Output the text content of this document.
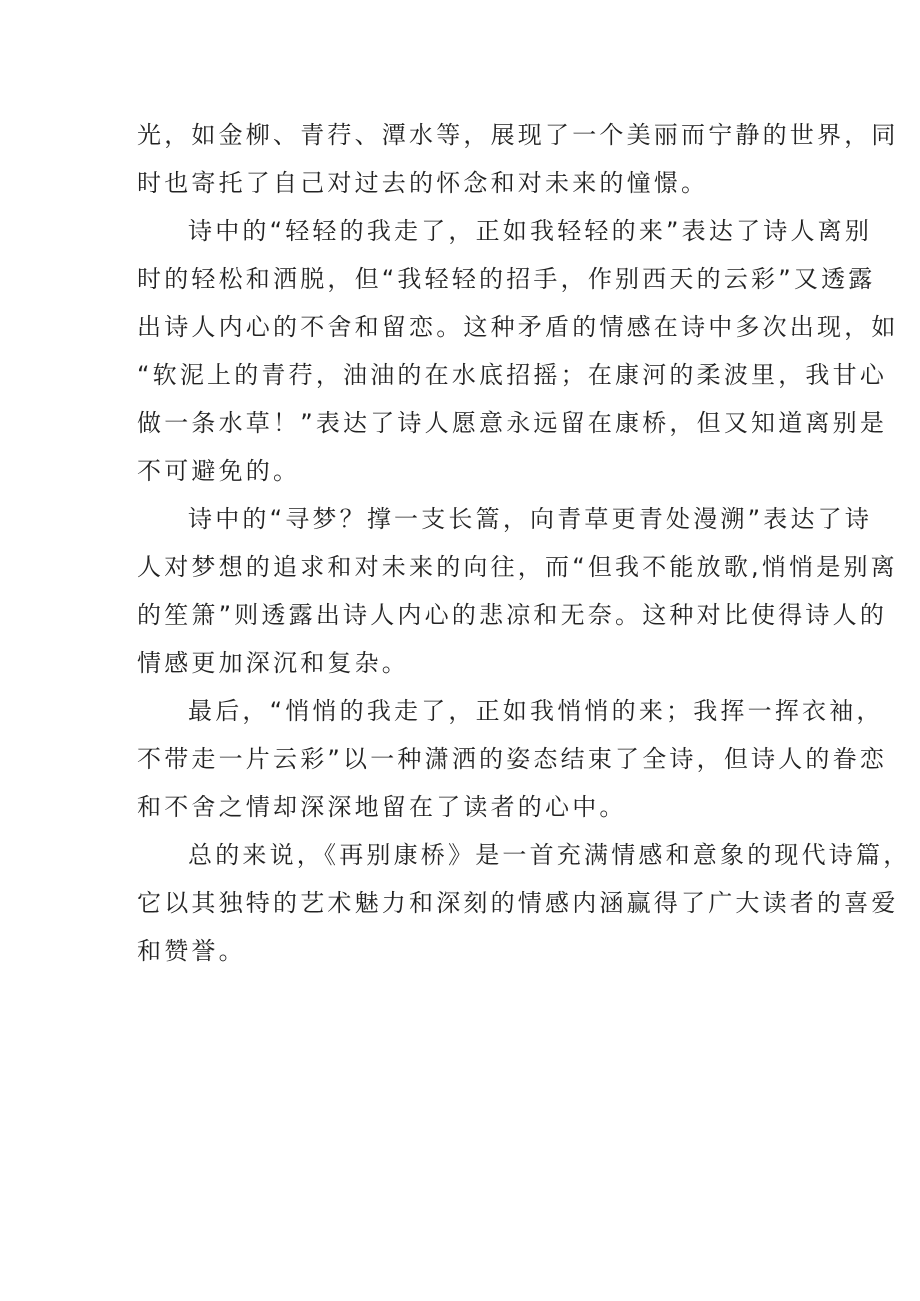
光，如金柳、青荇、潭水等，展现了一个美丽而宁静的世界，同
时也寄托了自己对过去的怀念和对未来的憧憬。

诗中的“轻轻的我走了，正如我轻轻的来”表达了诗人离别
时的轻松和洒脱，但“我轻轻的招手，作别西天的云彩”又透露
出诗人内心的不舍和留恋。这种矛盾的情感在诗中多次出现，如
“软泥上的青荇，油油的在水底招摇；在康河的柔波里，我甘心
做一条水草！”表达了诗人愿意永远留在康桥，但又知道离别是
不可避免的。

诗中的“寻梦？撑一支长篙，向青草更青处漫溯”表达了诗
人对梦想的追求和对未来的向往，而“但我不能放歌,悄悄是别离
的笙箫”则透露出诗人内心的悲凉和无奈。这种对比使得诗人的
情感更加深沉和复杂。

最后，“悄悄的我走了，正如我悄悄的来；我挥一挥衣袖，
不带走一片云彩”以一种潇洒的姿态结束了全诗，但诗人的眷恋
和不舍之情却深深地留在了读者的心中。

总的来说，《再别康桥》是一首充满情感和意象的现代诗篇，
它以其独特的艺术魅力和深刻的情感内涵赢得了广大读者的喜爱
和赞誉。
